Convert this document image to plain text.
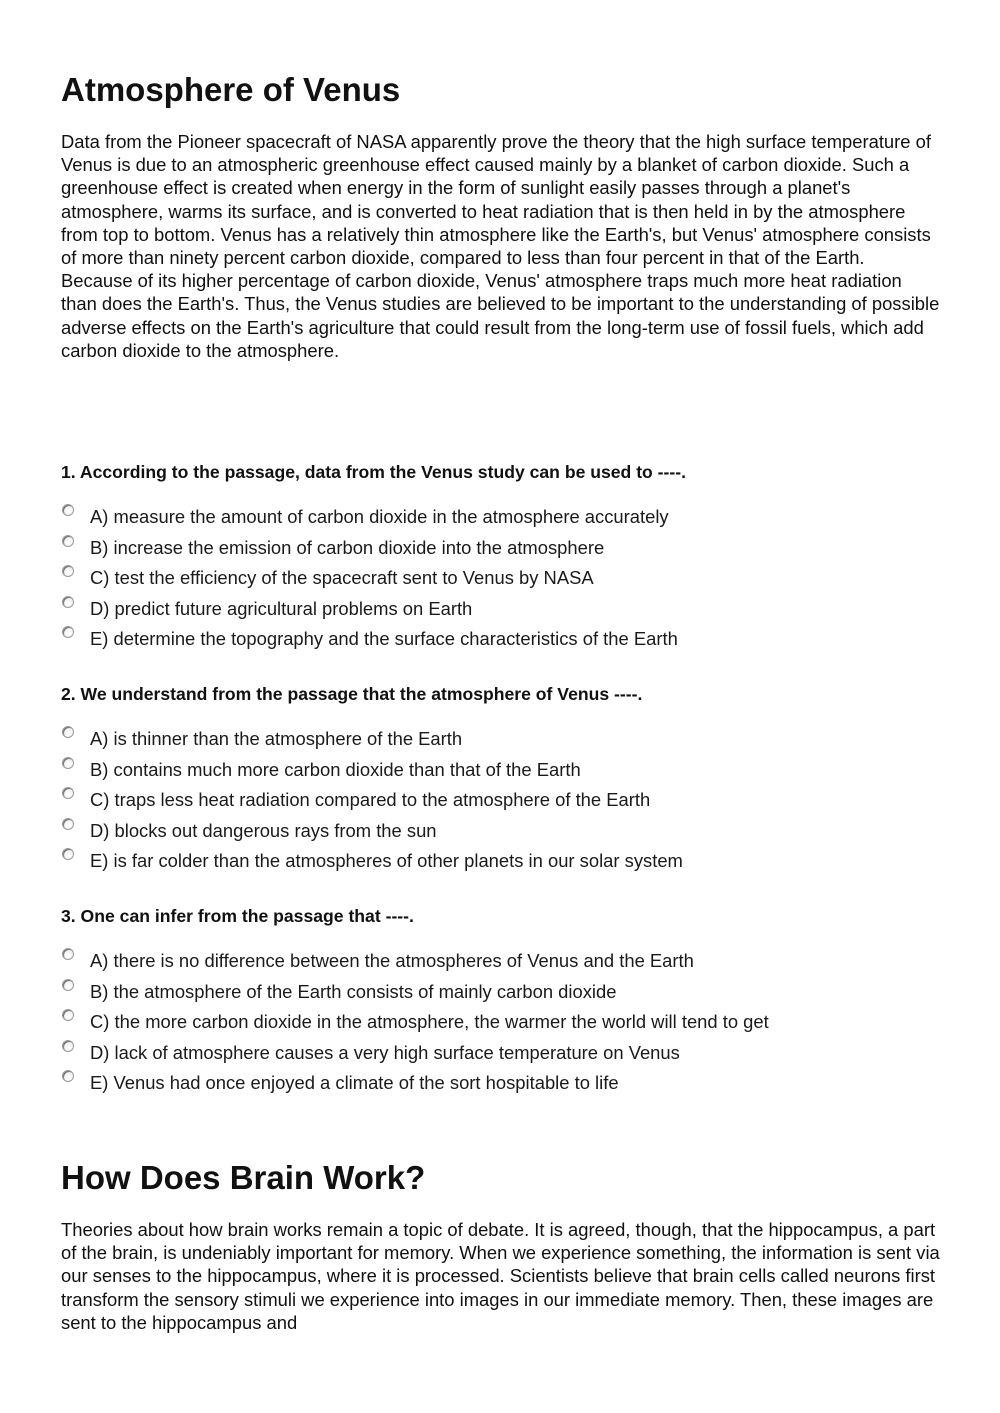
Atmosphere of Venus

Data from the Pioneer spacecraft of NASA apparently prove the theory that the high surface temperature of Venus is due to an atmospheric greenhouse effect caused mainly by a blanket of carbon dioxide. Such a greenhouse effect is created when energy in the form of sunlight easily passes through a planet's atmosphere, warms its surface, and is converted to heat radiation that is then held in by the atmosphere from top to bottom. Venus has a relatively thin atmosphere like the Earth's, but Venus' atmosphere consists of more than ninety percent carbon dioxide, compared to less than four percent in that of the Earth. Because of its higher percentage of carbon dioxide, Venus' atmosphere traps much more heat radiation than does the Earth's. Thus, the Venus studies are believed to be important to the understanding of possible adverse effects on the Earth's agriculture that could result from the long-term use of fossil fuels, which add carbon dioxide to the atmosphere.

1. According to the passage, data from the Venus study can be used to ----.

A) measure the amount of carbon dioxide in the atmosphere accurately
B) increase the emission of carbon dioxide into the atmosphere
C) test the efficiency of the spacecraft sent to Venus by NASA
D) predict future agricultural problems on Earth
E) determine the topography and the surface characteristics of the Earth

2. We understand from the passage that the atmosphere of Venus ----.

A) is thinner than the atmosphere of the Earth
B) contains much more carbon dioxide than that of the Earth
C) traps less heat radiation compared to the atmosphere of the Earth
D) blocks out dangerous rays from the sun
E) is far colder than the atmospheres of other planets in our solar system

3. One can infer from the passage that ----.

A) there is no difference between the atmospheres of Venus and the Earth
B) the atmosphere of the Earth consists of mainly carbon dioxide
C) the more carbon dioxide in the atmosphere, the warmer the world will tend to get
D) lack of atmosphere causes a very high surface temperature on Venus
E) Venus had once enjoyed a climate of the sort hospitable to life
How Does Brain Work?

Theories about how brain works remain a topic of debate. It is agreed, though, that the hippocampus, a part of the brain, is undeniably important for memory. When we experience something, the information is sent via our senses to the hippocampus, where it is processed. Scientists believe that brain cells called neurons first transform the sensory stimuli we experience into images in our immediate memory. Then, these images are sent to the hippocampus and
